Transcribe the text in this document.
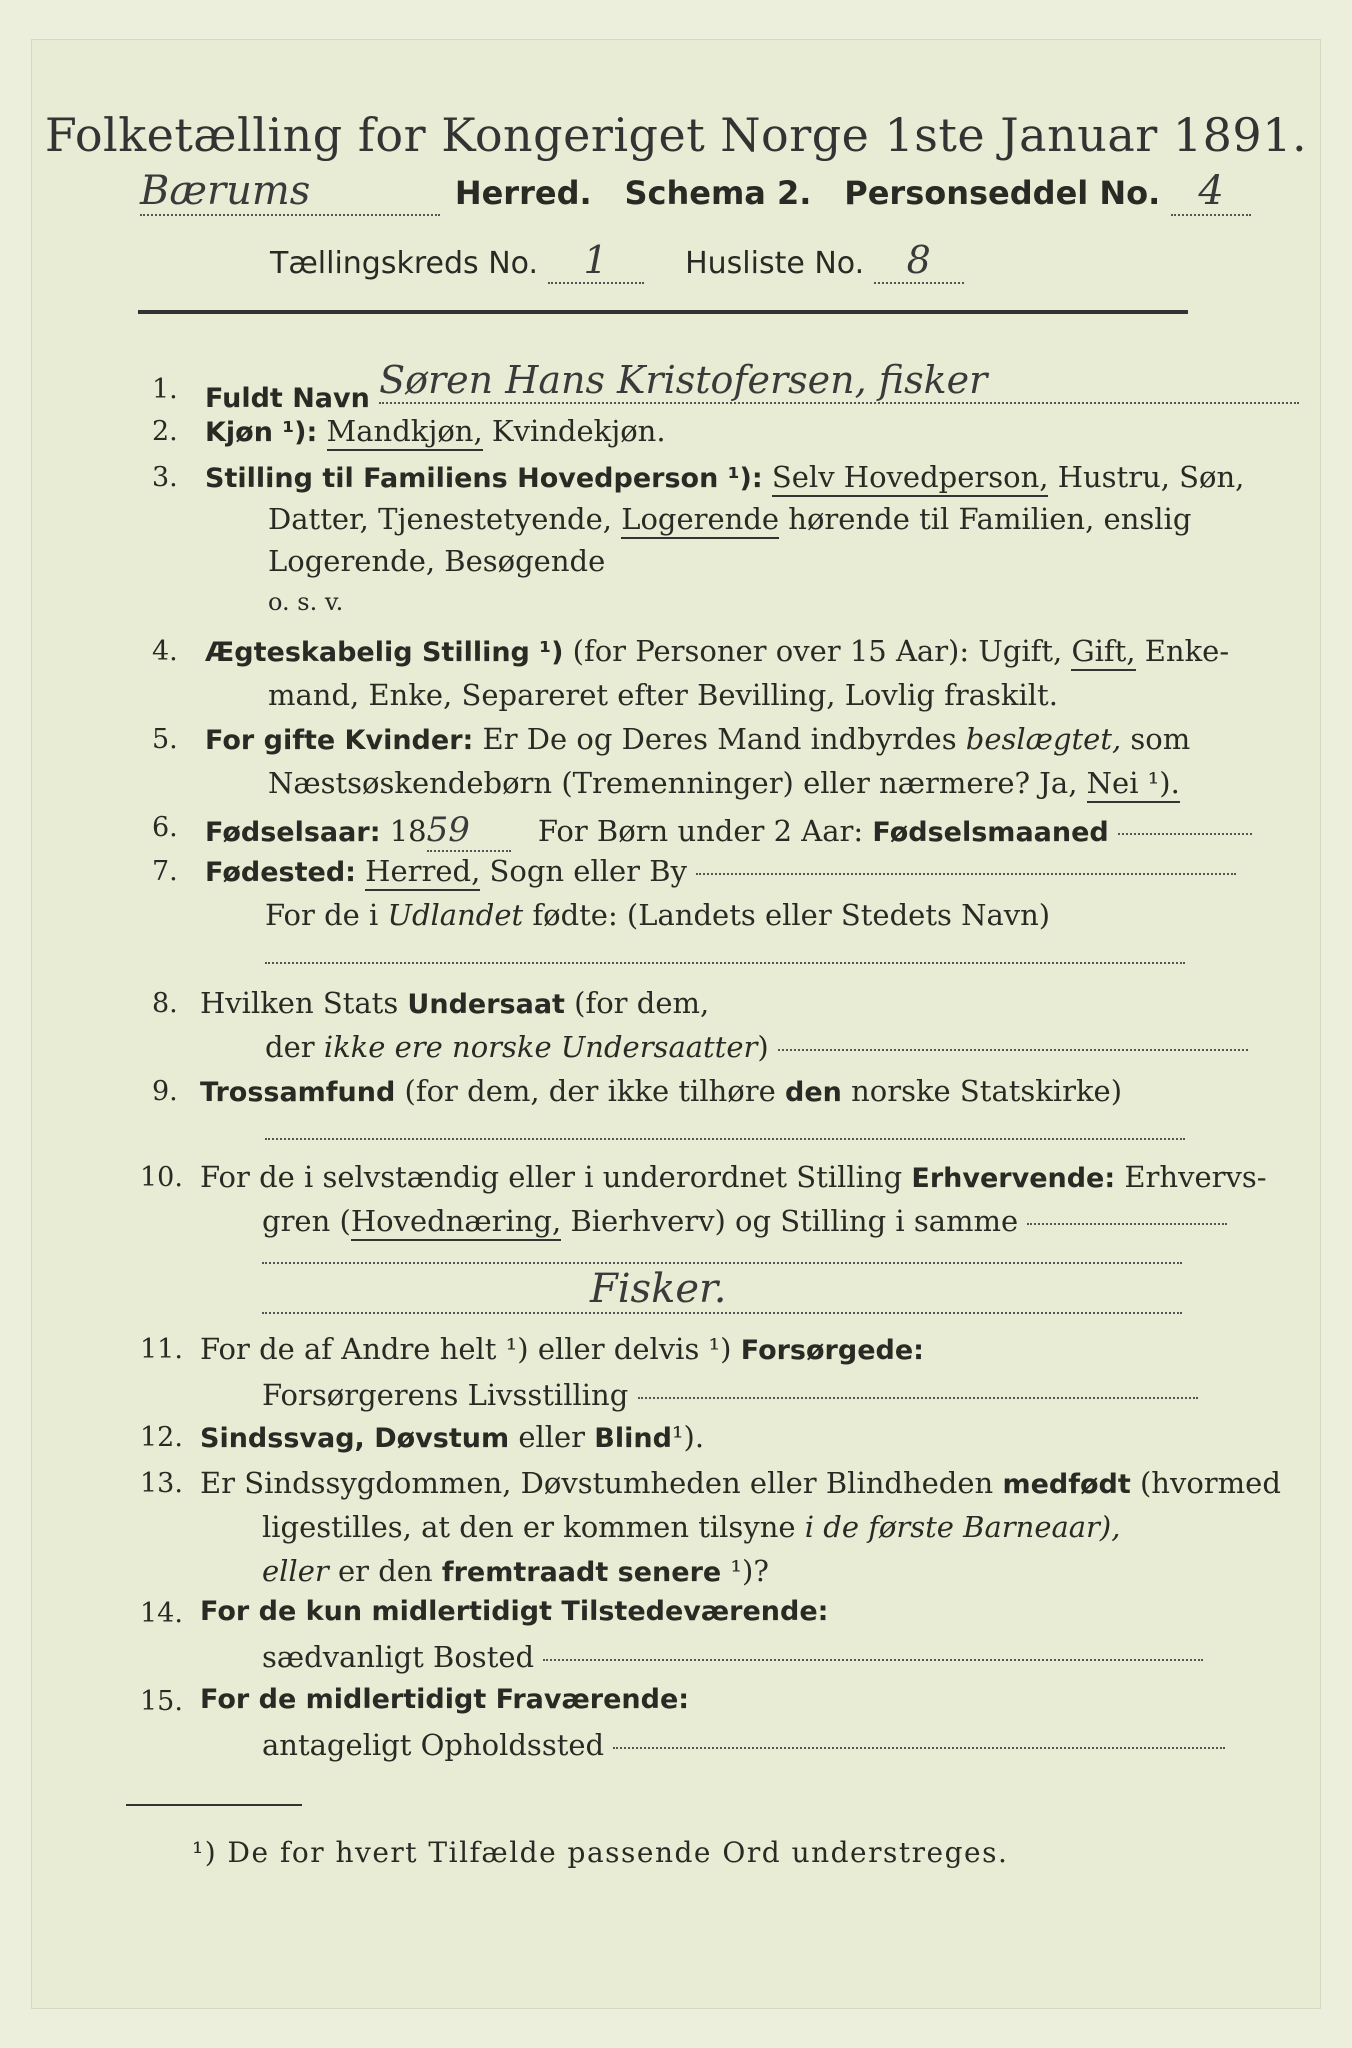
Folketælling for Kongeriget Norge 1ste Januar 1891.
Bærums	Herred. Schema 2. Personseddel No. 4
Tællingskreds No. 1	Husliste No. 8
1. Fuldt Navn Søren Hans Kristofersen, fisker
2. Kjøn ¹): Mandkjøn, Kvindekjøn.
3. Stilling til Familiens Hovedperson ¹): Selv Hovedperson, Hustru, Søn,
Datter, Tjenestetyende, Logerende hørende til Familien, enslig
Logerende, Besøgende
o. s. v.
4. Ægteskabelig Stilling ¹) (for Personer over 15 Aar): Ugift, Gift, Enke-
mand, Enke, Separeret efter Bevilling, Lovlig fraskilt.
5. For gifte Kvinder: Er De og Deres Mand indbyrdes beslægtet, som
Næstsøskendebørn (Tremenninger) eller nærmere? Ja, Nei ¹).
6. Fødselsaar: 1859 For Børn under 2 Aar: Fødselsmaaned
7. Fødested: Herred, Sogn eller By
For de i Udlandet fødte: (Landets eller Stedets Navn)
8. Hvilken Stats Undersaat (for dem,
der ikke ere norske Undersaatter)
9. Trossamfund (for dem, der ikke tilhøre den norske Statskirke)
10. For de i selvstændig eller i underordnet Stilling Erhvervende: Erhvervs-
gren (Hovednæring, Bierhverv) og Stilling i samme
Fisker.
11. For de af Andre helt ¹) eller delvis ¹) Forsørgede:
Forsørgerens Livsstilling
12. Sindssvag, Døvstum eller Blind¹).
13. Er Sindssygdommen, Døvstumheden eller Blindheden medfødt (hvormed
ligestilles, at den er kommen tilsyne i de første Barneaar),
eller er den fremtraadt senere ¹)?
14. For de kun midlertidigt Tilstedeværende:
sædvanligt Bosted
15. For de midlertidigt Fraværende:
antageligt Opholdssted
¹) De for hvert Tilfælde passende Ord understreges.
